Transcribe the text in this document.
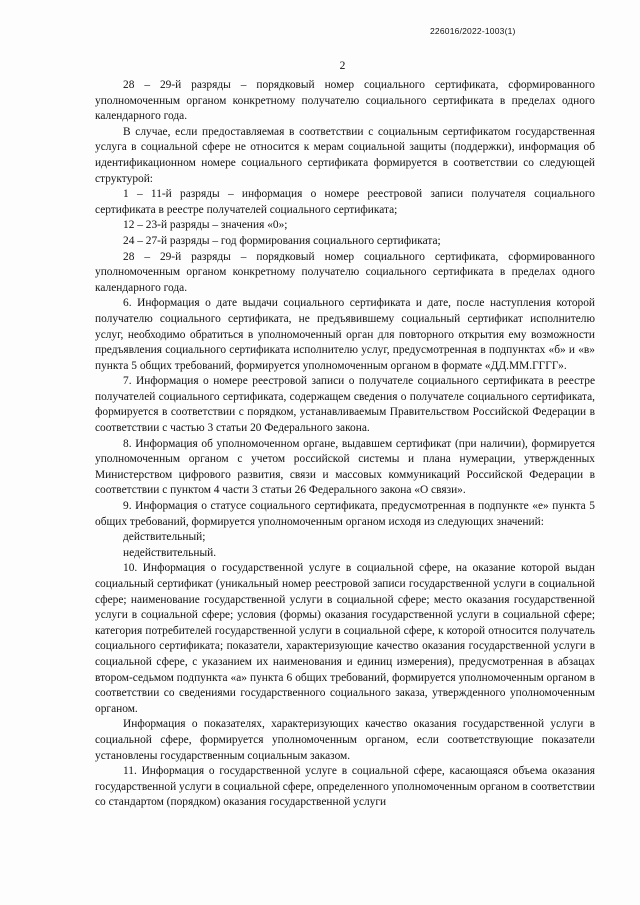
226016/2022-1003(1)
2

28 – 29-й разряды – порядковый номер социального сертификата, сформированного уполномоченным органом конкретному получателю социального сертификата в пределах одного календарного года.

В случае, если предоставляемая в соответствии с социальным сертификатом государственная услуга в социальной сфере не относится к мерам социальной защиты (поддержки), информация об идентификационном номере социального сертификата формируется в соответствии со следующей структурой:

1 – 11-й разряды – информация о номере реестровой записи получателя социального сертификата в реестре получателей социального сертификата;

12 – 23-й разряды – значения «0»;

24 – 27-й разряды – год формирования социального сертификата;

28 – 29-й разряды – порядковый номер социального сертификата, сформированного уполномоченным органом конкретному получателю социального сертификата в пределах одного календарного года.

6. Информация о дате выдачи социального сертификата и дате, после наступления которой получателю социального сертификата, не предъявившему социальный сертификат исполнителю услуг, необходимо обратиться в уполномоченный орган для повторного открытия ему возможности предъявления социального сертификата исполнителю услуг, предусмотренная в подпунктах «б» и «в» пункта 5 общих требований, формируется уполномоченным органом в формате «ДД.ММ.ГГГГ».

7. Информация о номере реестровой записи о получателе социального сертификата в реестре получателей социального сертификата, содержащем сведения о получателе социального сертификата, формируется в соответствии с порядком, устанавливаемым Правительством Российской Федерации в соответствии с частью 3 статьи 20 Федерального закона.

8. Информация об уполномоченном органе, выдавшем сертификат (при наличии), формируется уполномоченным органом с учетом российской системы и плана нумерации, утвержденных Министерством цифрового развития, связи и массовых коммуникаций Российской Федерации в соответствии с пунктом 4 части 3 статьи 26 Федерального закона «О связи».

9. Информация о статусе социального сертификата, предусмотренная в подпункте «е» пункта 5 общих требований, формируется уполномоченным органом исходя из следующих значений:

действительный;

недействительный.

10. Информация о государственной услуге в социальной сфере, на оказание которой выдан социальный сертификат (уникальный номер реестровой записи государственной услуги в социальной сфере; наименование государственной услуги в социальной сфере; место оказания государственной услуги в социальной сфере; условия (формы) оказания государственной услуги в социальной сфере; категория потребителей государственной услуги в социальной сфере, к которой относится получатель социального сертификата; показатели, характеризующие качество оказания государственной услуги в социальной сфере, с указанием их наименования и единиц измерения), предусмотренная в абзацах втором-седьмом подпункта «а» пункта 6 общих требований, формируется уполномоченным органом в соответствии со сведениями государственного социального заказа, утвержденного уполномоченным органом.

Информация о показателях, характеризующих качество оказания государственной услуги в социальной сфере, формируется уполномоченным органом, если соответствующие показатели установлены государственным социальным заказом.

11. Информация о государственной услуге в социальной сфере, касающаяся объема оказания государственной услуги в социальной сфере, определенного уполномоченным органом в соответствии со стандартом (порядком) оказания государственной услуги
